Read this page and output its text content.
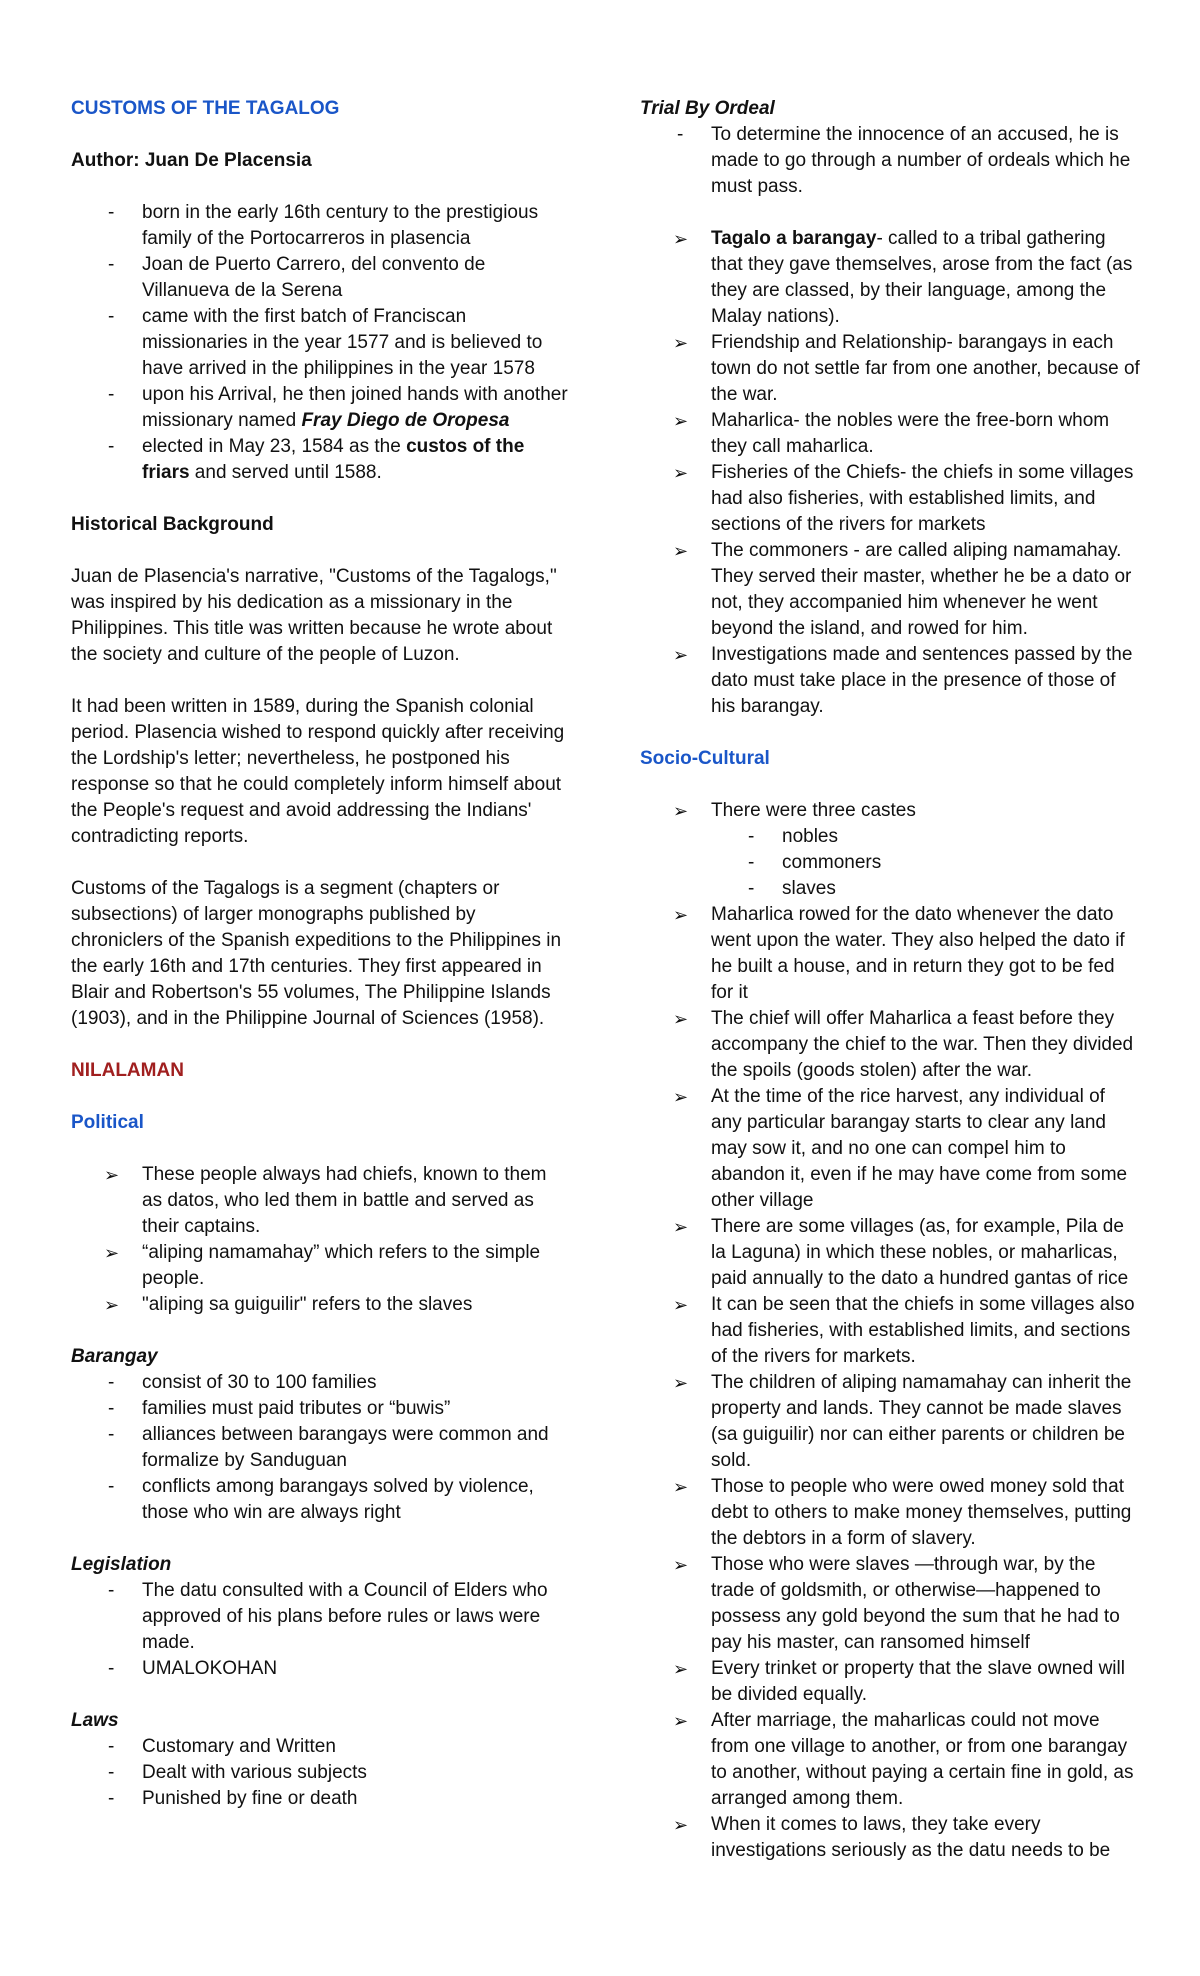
CUSTOMS OF THE TAGALOG
Author: Juan De Placensia
- born in the early 16th century to the prestigious family of the Portocarreros in plasencia
- Joan de Puerto Carrero, del convento de Villanueva de la Serena
- came with the first batch of Franciscan missionaries in the year 1577 and is believed to have arrived in the philippines in the year 1578
- upon his Arrival, he then joined hands with another missionary named Fray Diego de Oropesa
- elected in May 23, 1584 as the custos of the friars and served until 1588.
Historical Background

Juan de Plasencia's narrative, "Customs of the Tagalogs," was inspired by his dedication as a missionary in the Philippines. This title was written because he wrote about the society and culture of the people of Luzon.

It had been written in 1589, during the Spanish colonial period. Plasencia wished to respond quickly after receiving the Lordship's letter; nevertheless, he postponed his response so that he could completely inform himself about the People's request and avoid addressing the Indians' contradicting reports.

Customs of the Tagalogs is a segment (chapters or subsections) of larger monographs published by chroniclers of the Spanish expeditions to the Philippines in the early 16th and 17th centuries. They first appeared in Blair and Robertson's 55 volumes, The Philippine Islands (1903), and in the Philippine Journal of Sciences (1958).

NILALAMAN
Political
➢ These people always had chiefs, known to them as datos, who led them in battle and served as their captains.
➢ “aliping namamahay” which refers to the simple people.
➢ "aliping sa guiguilir" refers to the slaves
Barangay
- consist of 30 to 100 families
- families must paid tributes or “buwis”
- alliances between barangays were common and formalize by Sanduguan
- conflicts among barangays solved by violence, those who win are always right
Legislation
- The datu consulted with a Council of Elders who approved of his plans before rules or laws were made.
- UMALOKOHAN
Laws
- Customary and Written
- Dealt with various subjects
- Punished by fine or death
Trial By Ordeal
- To determine the innocence of an accused, he is made to go through a number of ordeals which he must pass.
➢ Tagalo a barangay- called to a tribal gathering that they gave themselves, arose from the fact (as they are classed, by their language, among the Malay nations).
➢ Friendship and Relationship- barangays in each town do not settle far from one another, because of the war.
➢ Maharlica- the nobles were the free-born whom they call maharlica.
➢ Fisheries of the Chiefs- the chiefs in some villages had also fisheries, with established limits, and sections of the rivers for markets
➢ The commoners - are called aliping namamahay. They served their master, whether he be a dato or not, they accompanied him whenever he went beyond the island, and rowed for him.
➢ Investigations made and sentences passed by the dato must take place in the presence of those of his barangay.
Socio-Cultural
➢ There were three castes
- nobles
- commoners
- slaves
➢ Maharlica rowed for the dato whenever the dato went upon the water. They also helped the dato if he built a house, and in return they got to be fed for it
➢ The chief will offer Maharlica a feast before they accompany the chief to the war. Then they divided the spoils (goods stolen) after the war.
➢ At the time of the rice harvest, any individual of any particular barangay starts to clear any land may sow it, and no one can compel him to abandon it, even if he may have come from some other village
➢ There are some villages (as, for example, Pila de la Laguna) in which these nobles, or maharlicas, paid annually to the dato a hundred gantas of rice
➢ It can be seen that the chiefs in some villages also had fisheries, with established limits, and sections of the rivers for markets.
➢ The children of aliping namamahay can inherit the property and lands. They cannot be made slaves (sa guiguilir) nor can either parents or children be sold.
➢ Those to people who were owed money sold that debt to others to make money themselves, putting the debtors in a form of slavery.
➢ Those who were slaves —through war, by the trade of goldsmith, or otherwise—happened to possess any gold beyond the sum that he had to pay his master, can ransomed himself
➢ Every trinket or property that the slave owned will be divided equally.
➢ After marriage, the maharlicas could not move from one village to another, or from one barangay to another, without paying a certain fine in gold, as arranged among them.
➢ When it comes to laws, they take every investigations seriously as the datu needs to be
